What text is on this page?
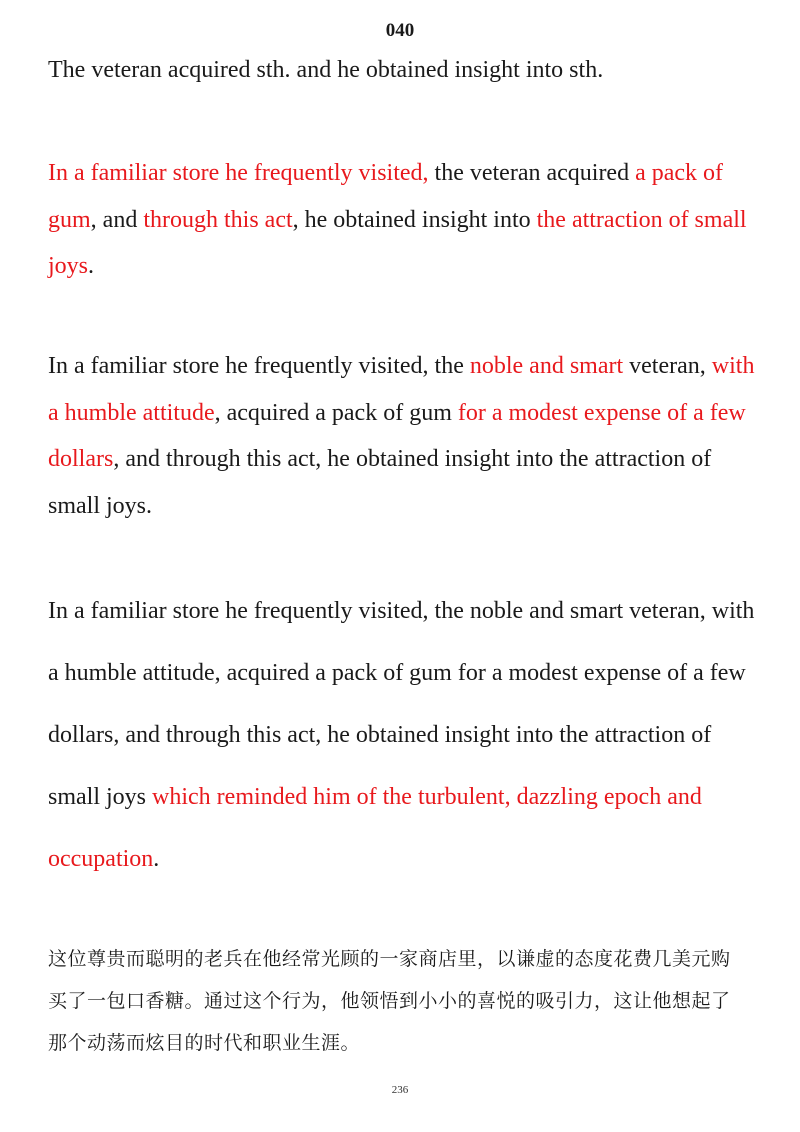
040

The veteran acquired sth. and he obtained insight into sth.

In a familiar store he frequently visited, the veteran acquired a pack of gum, and through this act, he obtained insight into the attraction of small joys.

In a familiar store he frequently visited, the noble and smart veteran, with a humble attitude, acquired a pack of gum for a modest expense of a few dollars, and through this act, he obtained insight into the attraction of small joys.

In a familiar store he frequently visited, the noble and smart veteran, with a humble attitude, acquired a pack of gum for a modest expense of a few dollars, and through this act, he obtained insight into the attraction of small joys which reminded him of the turbulent, dazzling epoch and occupation.

这位尊贵而聪明的老兵在他经常光顾的一家商店里，以谦虚的态度花费几美元购买了一包口香糖。通过这个行为，他领悟到小小的喜悦的吸引力，这让他想起了那个动荡而炫目的时代和职业生涯。

236
